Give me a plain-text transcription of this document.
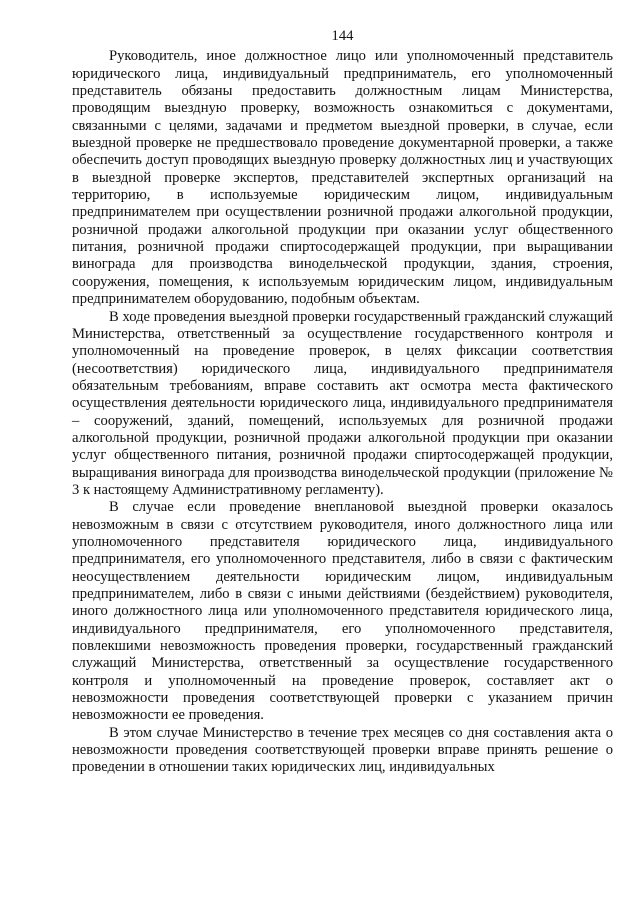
144

Руководитель, иное должностное лицо или уполномоченный представитель юридического лица, индивидуальный предприниматель, его уполномоченный представитель обязаны предоставить должностным лицам Министерства, проводящим выездную проверку, возможность ознакомиться с документами, связанными с целями, задачами и предметом выездной проверки, в случае, если выездной проверке не предшествовало проведение документарной проверки, а также обеспечить доступ проводящих выездную проверку должностных лиц и участвующих в выездной проверке экспертов, представителей экспертных организаций на территорию, в используемые юридическим лицом, индивидуальным предпринимателем при осуществлении розничной продажи алкогольной продукции, розничной продажи алкогольной продукции при оказании услуг общественного питания, розничной продажи спиртосодержащей продукции, при выращивании винограда для производства винодельческой продукции, здания, строения, сооружения, помещения, к используемым юридическим лицом, индивидуальным предпринимателем оборудованию, подобным объектам.

В ходе проведения выездной проверки государственный гражданский служащий Министерства, ответственный за осуществление государственного контроля и уполномоченный на проведение проверок, в целях фиксации соответствия (несоответствия) юридического лица, индивидуального предпринимателя обязательным требованиям, вправе составить акт осмотра места фактического осуществления деятельности юридического лица, индивидуального предпринимателя – сооружений, зданий, помещений, используемых для розничной продажи алкогольной продукции, розничной продажи алкогольной продукции при оказании услуг общественного питания, розничной продажи спиртосодержащей продукции, выращивания винограда для производства винодельческой продукции (приложение № 3 к настоящему Административному регламенту).

В случае если проведение внеплановой выездной проверки оказалось невозможным в связи с отсутствием руководителя, иного должностного лица или уполномоченного представителя юридического лица, индивидуального предпринимателя, его уполномоченного представителя, либо в связи с фактическим неосуществлением деятельности юридическим лицом, индивидуальным предпринимателем, либо в связи с иными действиями (бездействием) руководителя, иного должностного лица или уполномоченного представителя юридического лица, индивидуального предпринимателя, его уполномоченного представителя, повлекшими невозможность проведения проверки, государственный гражданский служащий Министерства, ответственный за осуществление государственного контроля и уполномоченный на проведение проверок, составляет акт о невозможности проведения соответствующей проверки с указанием причин невозможности ее проведения.

В этом случае Министерство в течение трех месяцев со дня составления акта о невозможности проведения соответствующей проверки вправе принять решение о проведении в отношении таких юридических лиц, индивидуальных
